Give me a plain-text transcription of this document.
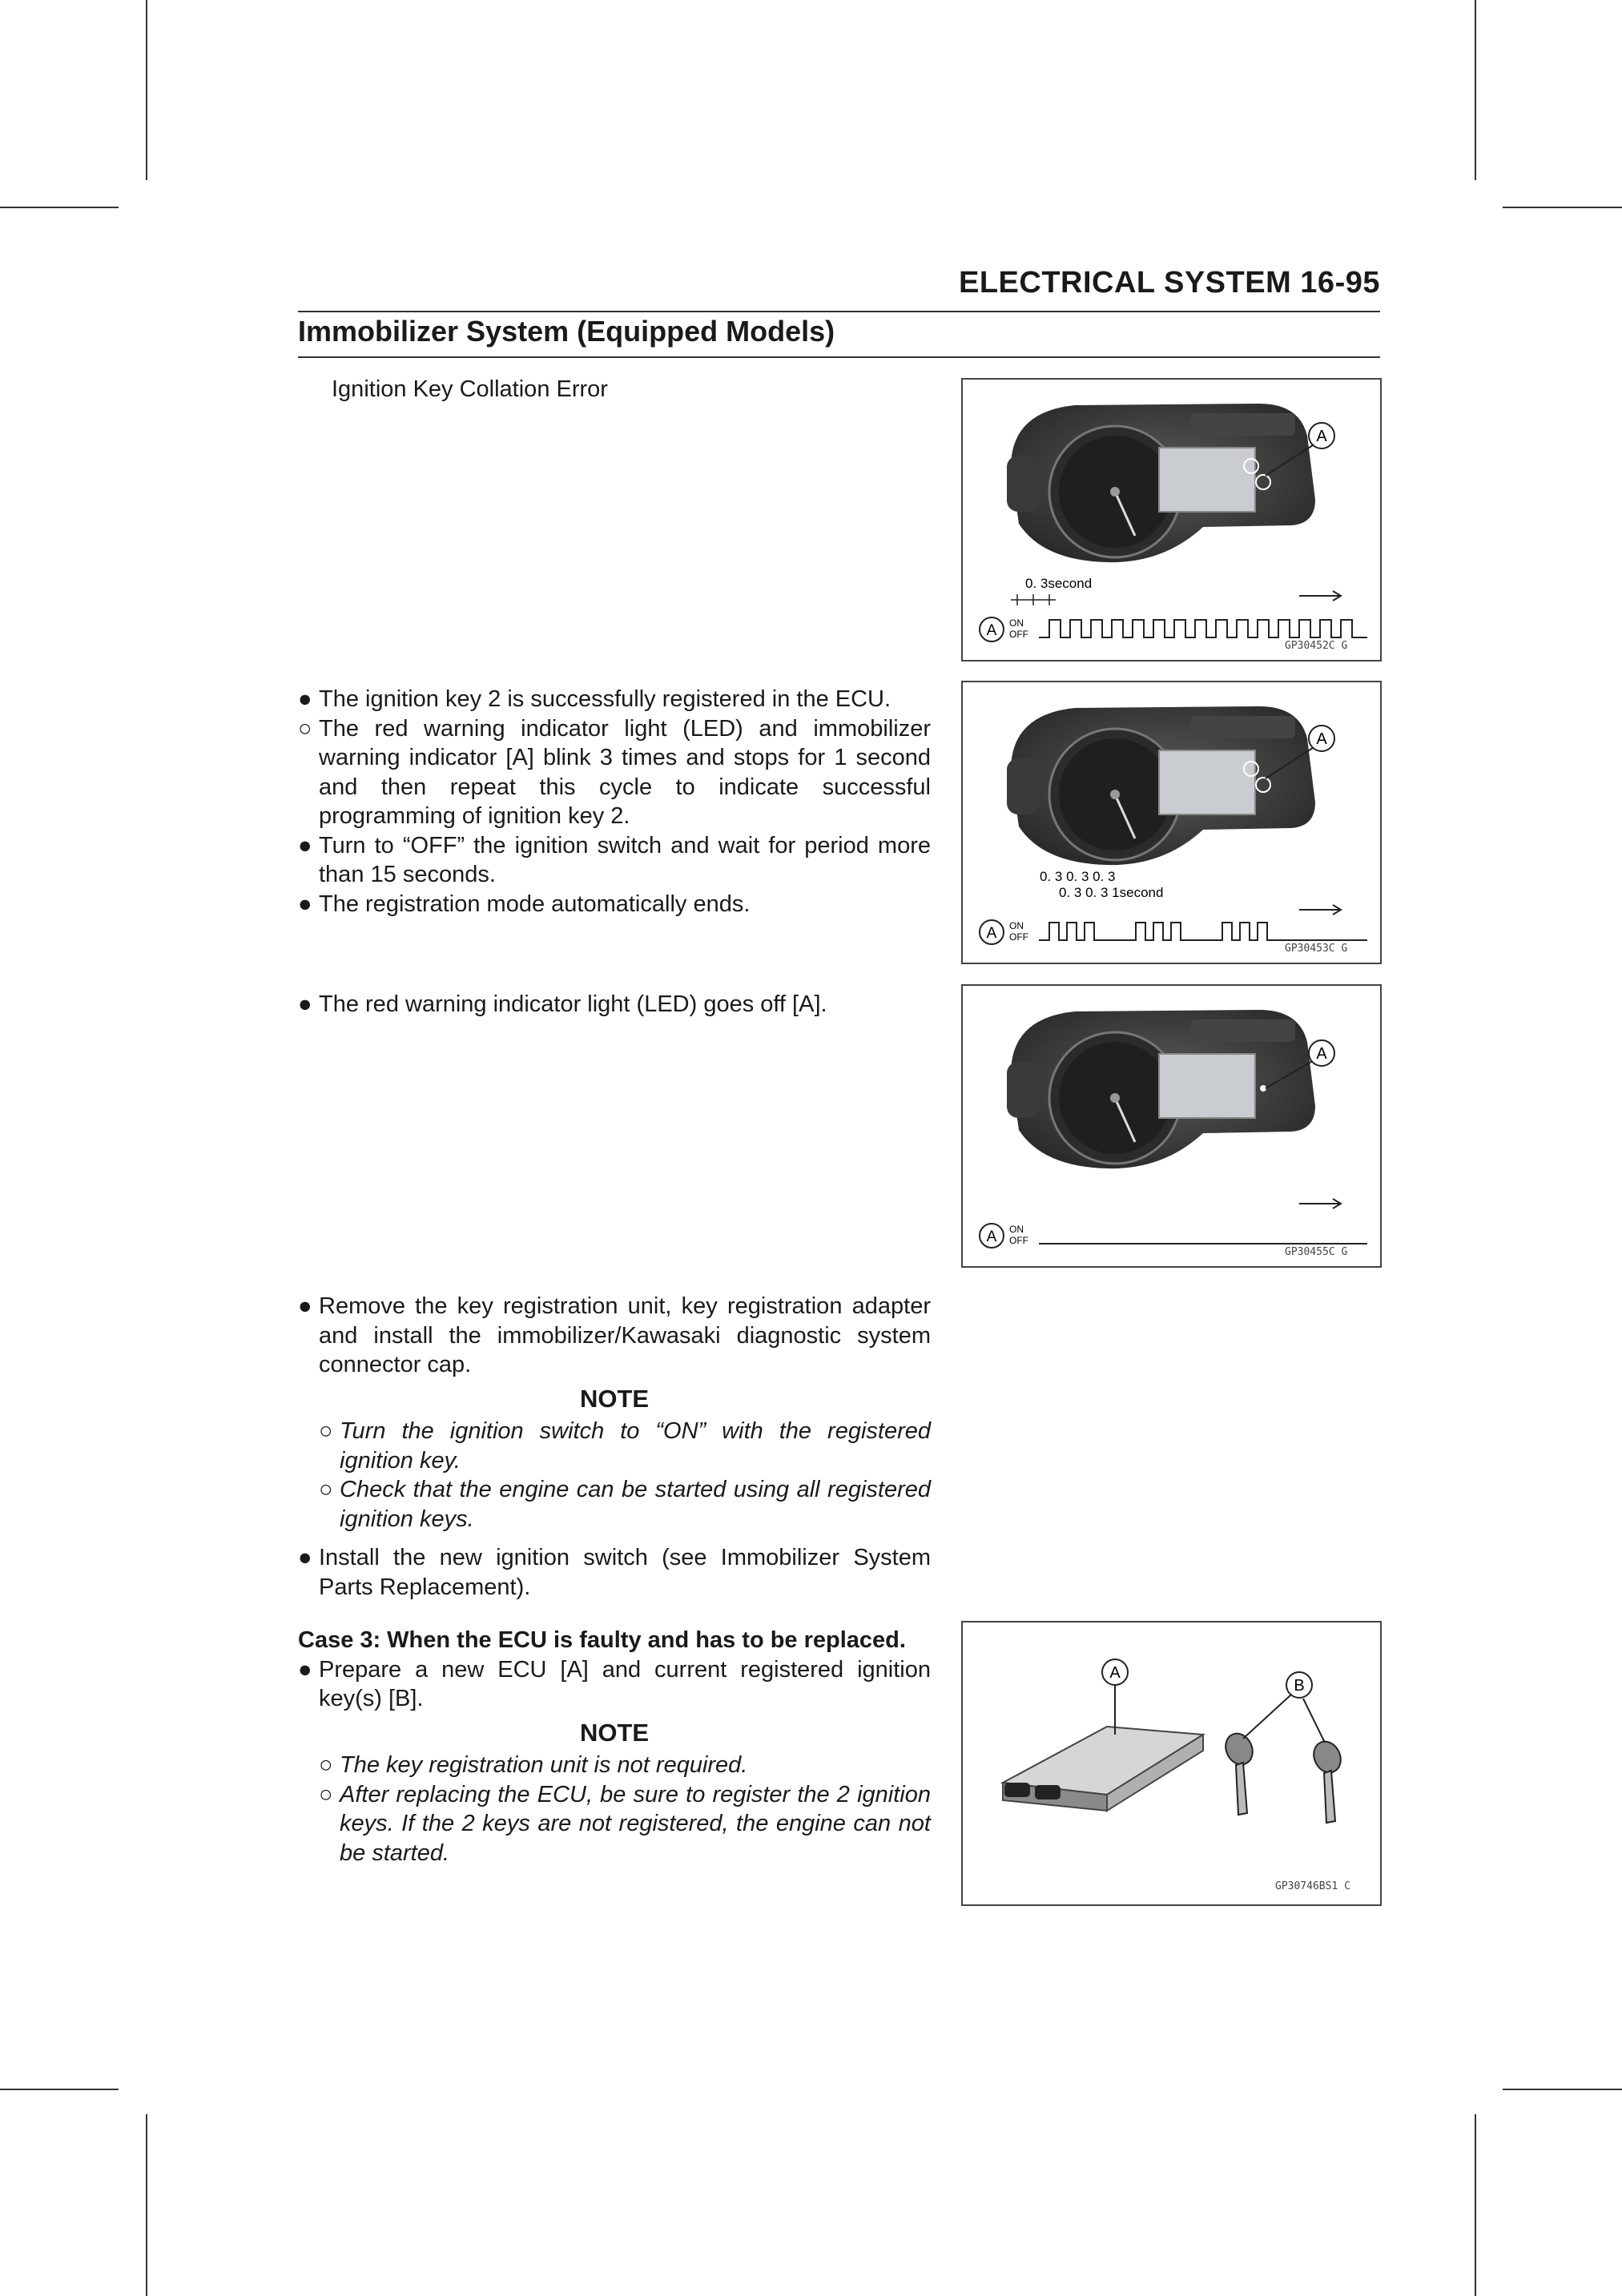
ELECTRICAL SYSTEM 16-95
Immobilizer System (Equipped Models)
Ignition Key Collation Error
● The ignition key 2 is successfully registered in the ECU.
○ The red warning indicator light (LED) and immobilizer warning indicator [A] blink 3 times and stops for 1 second and then repeat this cycle to indicate successful programming of ignition key 2.
● Turn to “OFF” the ignition switch and wait for period more than 15 seconds.
● The registration mode automatically ends.
● The red warning indicator light (LED) goes off [A].
● Remove the key registration unit, key registration adapter and install the immobilizer/Kawasaki diagnostic system connector cap.
NOTE
○ Turn the ignition switch to “ON” with the registered ignition key.
○ Check that the engine can be started using all registered ignition keys.
● Install the new ignition switch (see Immobilizer System Parts Replacement).
Case 3: When the ECU is faulty and has to be replaced.
● Prepare a new ECU [A] and current registered ignition key(s) [B].
NOTE
○ The key registration unit is not required.
○ After replacing the ECU, be sure to register the 2 ignition keys. If the 2 keys are not registered, the engine can not be started.
A
0. 3second
A ON
OFF
GP30452C G
A
0. 3 0. 3 0. 3
0. 3 0. 3 1second
A ON
OFF
GP30453C G
A
A ON
OFF
GP30455C G
A
B
GP30746BS1 C
